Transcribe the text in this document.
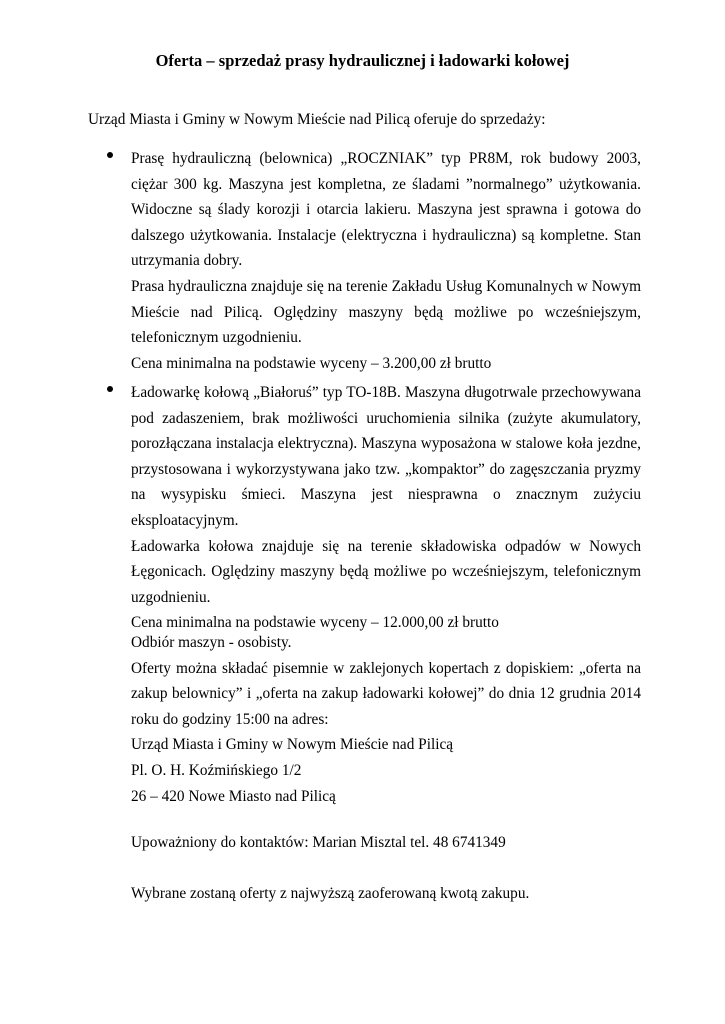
Oferta – sprzedaż prasy hydraulicznej i ładowarki kołowej
Urząd Miasta i Gminy w Nowym Mieście nad Pilicą oferuje do sprzedaży:

Prasę hydrauliczną (belownica) „ROCZNIAK” typ PR8M, rok budowy 2003, ciężar 300 kg. Maszyna jest kompletna, ze śladami ”normalnego” użytkowania. Widoczne są ślady korozji i otarcia lakieru. Maszyna jest sprawna i gotowa do dalszego użytkowania. Instalacje (elektryczna i hydrauliczna) są kompletne. Stan utrzymania dobry.

Prasa hydrauliczna znajduje się na terenie Zakładu Usług Komunalnych w Nowym Mieście nad Pilicą. Oględziny maszyny będą możliwe po wcześniejszym, telefonicznym uzgodnieniu.

Cena minimalna na podstawie wyceny – 3.200,00 zł brutto

Ładowarkę kołową „Białoruś” typ TO-18B. Maszyna długotrwale przechowywana pod zadaszeniem, brak możliwości uruchomienia silnika (zużyte akumulatory, porozłączana instalacja elektryczna). Maszyna wyposażona w stalowe koła jezdne, przystosowana i wykorzystywana jako tzw. „kompaktor” do zagęszczania pryzmy na wysypisku śmieci. Maszyna jest niesprawna o znacznym zużyciu eksploatacyjnym.

Ładowarka kołowa znajduje się na terenie składowiska odpadów w Nowych Łęgonicach. Oględziny maszyny będą możliwe po wcześniejszym, telefonicznym uzgodnieniu.

Cena minimalna na podstawie wyceny – 12.000,00 zł brutto

Odbiór maszyn - osobisty.

Oferty można składać pisemnie w zaklejonych kopertach z dopiskiem: „oferta na zakup belownicy” i „oferta na zakup ładowarki kołowej” do dnia 12 grudnia 2014 roku do godziny 15:00 na adres:

Urząd Miasta i Gminy w Nowym Mieście nad Pilicą

Pl. O. H. Koźmińskiego 1/2

26 – 420 Nowe Miasto nad Pilicą

Upoważniony do kontaktów: Marian Misztal tel. 48 6741349
Wybrane zostaną oferty z najwyższą zaoferowaną kwotą zakupu.
